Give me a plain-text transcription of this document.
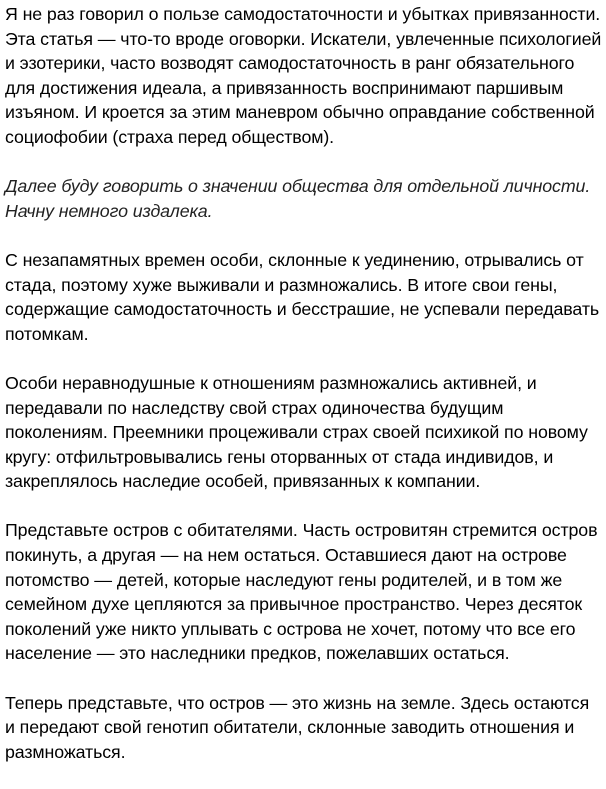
Я не раз говорил о пользе самодостаточности и убытках привязанности. Эта статья — что-то вроде оговорки. Искатели, увлеченные психологией и эзотерики, часто возводят самодостаточность в ранг обязательного для достижения идеала, а привязанность воспринимают паршивым изъяном. И кроется за этим маневром обычно оправдание собственной социофобии (страха перед обществом).

Далее буду говорить о значении общества для отдельной личности. Начну немного издалека.

С незапамятных времен особи, склонные к уединению, отрывались от стада, поэтому хуже выживали и размножались. В итоге свои гены, содержащие самодостаточность и бесстрашие, не успевали передавать потомкам.

Особи неравнодушные к отношениям размножались активней, и передавали по наследству свой страх одиночества будущим поколениям. Преемники процеживали страх своей психикой по новому кругу: отфильтровывались гены оторванных от стада индивидов, и закреплялось наследие особей, привязанных к компании.

Представьте остров с обитателями. Часть островитян стремится остров покинуть, а другая — на нем остаться. Оставшиеся дают на острове потомство — детей, которые наследуют гены родителей, и в том же семейном духе цепляются за привычное пространство. Через десяток поколений уже никто уплывать с острова не хочет, потому что все его население — это наследники предков, пожелавших остаться.

Теперь представьте, что остров — это жизнь на земле. Здесь остаются и передают свой генотип обитатели, склонные заводить отношения и размножаться.
